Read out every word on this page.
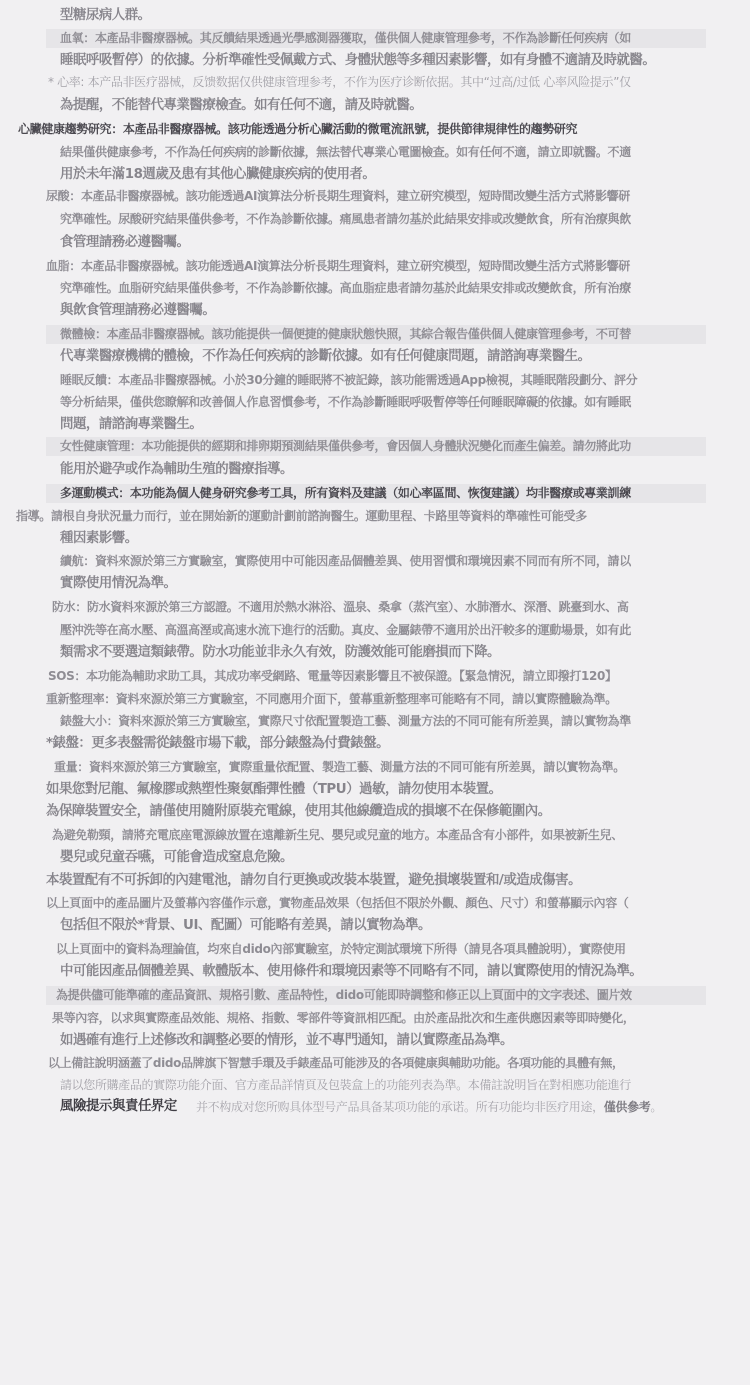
型糖尿病人群。

血氧：本產品非醫療器械。其反饋結果透過光學感測器獲取，僅供個人健康管理參考，不作為診斷任何疾病（如

睡眠呼吸暫停）的依據。分析準確性受佩戴方式、身體狀態等多種因素影響，如有身體不適請及時就醫。

* 心率: 本产品非医疗器械，反馈数据仅供健康管理参考，不作为医疗诊断依据。其中“过高/过低 心率风险提示”仅

為提醒，不能替代專業醫療檢查。如有任何不適，請及時就醫。

心臟健康趨勢研究：本產品非醫療器械。該功能透過分析心臟活動的微電流訊號，提供節律規律性的趨勢研究

結果僅供健康參考，不作為任何疾病的診斷依據，無法替代專業心電圖檢查。如有任何不適，請立即就醫。不適

用於未年滿18週歲及患有其他心臟健康疾病的使用者。

尿酸：本產品非醫療器械。該功能透過AI演算法分析長期生理資料，建立研究模型，短時間改變生活方式將影響研

究準確性。尿酸研究結果僅供參考，不作為診斷依據。痛風患者請勿基於此結果安排或改變飲食，所有治療與飲

食管理請務必遵醫囑。

血脂：本產品非醫療器械。該功能透過AI演算法分析長期生理資料，建立研究模型，短時間改變生活方式將影響研

究準確性。血脂研究結果僅供參考，不作為診斷依據。高血脂症患者請勿基於此結果安排或改變飲食，所有治療

與飲食管理請務必遵醫囑。

微體檢：本產品非醫療器械。該功能提供一個便捷的健康狀態快照，其綜合報告僅供個人健康管理參考，不可替

代專業醫療機構的體檢，不作為任何疾病的診斷依據。如有任何健康問題，請諮詢專業醫生。

睡眠反饋：本產品非醫療器械。小於30分鐘的睡眠將不被記錄，該功能需透過App檢視，其睡眠階段劃分、評分

等分析結果，僅供您瞭解和改善個人作息習慣參考，不作為診斷睡眠呼吸暫停等任何睡眠障礙的依據。如有睡眠

問題，請諮詢專業醫生。

女性健康管理：本功能提供的經期和排卵期預測結果僅供參考，會因個人身體狀況變化而產生偏差。請勿將此功

能用於避孕或作為輔助生殖的醫療指導。

多運動模式：本功能為個人健身研究參考工具，所有資料及建議（如心率區間、恢復建議）均非醫療或專業訓練

指導。請根自身狀況量力而行，並在開始新的運動計劃前諮詢醫生。運動里程、卡路里等資料的準確性可能受多

種因素影響。

續航：資料來源於第三方實驗室，實際使用中可能因產品個體差異、使用習慣和環境因素不同而有所不同，請以

實際使用情況為準。

防水：防水資料來源於第三方認證。不適用於熱水淋浴、溫泉、桑拿（蒸汽室）、水肺潛水、深潛、跳臺到水、高

壓沖洗等在高水壓、高溫高溼或高速水流下進行的活動。真皮、金屬錶帶不適用於出汗較多的運動場景，如有此

類需求不要選這類錶帶。防水功能並非永久有效，防護效能可能磨損而下降。

SOS：本功能為輔助求助工具，其成功率受網路、電量等因素影響且不被保證。【緊急情況，請立即撥打120】

重新整理率：資料來源於第三方實驗室，不同應用介面下，螢幕重新整理率可能略有不同，請以實際體驗為準。

錶盤大小：資料來源於第三方實驗室，實際尺寸依配置製造工藝、測量方法的不同可能有所差異，請以實物為準

*錶盤：更多表盤需從錶盤市場下載，部分錶盤為付費錶盤。

重量：資料來源於第三方實驗室，實際重量依配置、製造工藝、測量方法的不同可能有所差異，請以實物為準。

如果您對尼龍、氟橡膠或熱塑性聚氨酯彈性體（TPU）過敏，請勿使用本裝置。

為保障裝置安全，請僅使用隨附原裝充電線，使用其他線纜造成的損壞不在保修範圍內。

為避免勒頸，請將充電底座電源線放置在遠離新生兒、嬰兒或兒童的地方。本產品含有小部件，如果被新生兒、

嬰兒或兒童吞嚥，可能會造成窒息危險。

本裝置配有不可拆卸的內建電池，請勿自行更換或改裝本裝置，避免損壞裝置和/或造成傷害。

以上頁面中的產品圖片及螢幕內容僅作示意，實物產品效果（包括但不限於外觀、顏色、尺寸）和螢幕顯示內容（

包括但不限於*背景、UI、配圖）可能略有差異，請以實物為準。

以上頁面中的資料為理論值，均來自dido內部實驗室，於特定測試環境下所得（請見各項具體說明），實際使用

中可能因產品個體差異、軟體版本、使用條件和環境因素等不同略有不同，請以實際使用的情況為準。

為提供儘可能準確的產品資訊、規格引數、產品特性，dido可能即時調整和修正以上頁面中的文字表述、圖片效

果等內容，以求與實際產品效能、規格、指數、零部件等資訊相匹配。由於產品批次和生產供應因素等即時變化，

如遇確有進行上述修改和調整必要的情形，並不專門通知，請以實際產品為準。

以上備註說明涵蓋了dido品牌旗下智慧手環及手錶產品可能涉及的各項健康與輔助功能。各項功能的具體有無，

請以您所購產品的實際功能介面、官方產品詳情頁及包裝盒上的功能列表為準。本備註說明旨在對相應功能進行

并不构成对您所购具体型号产品具备某项功能的承诺。所有功能均非医疗用途，僅供參考。
風險提示與責任界定
